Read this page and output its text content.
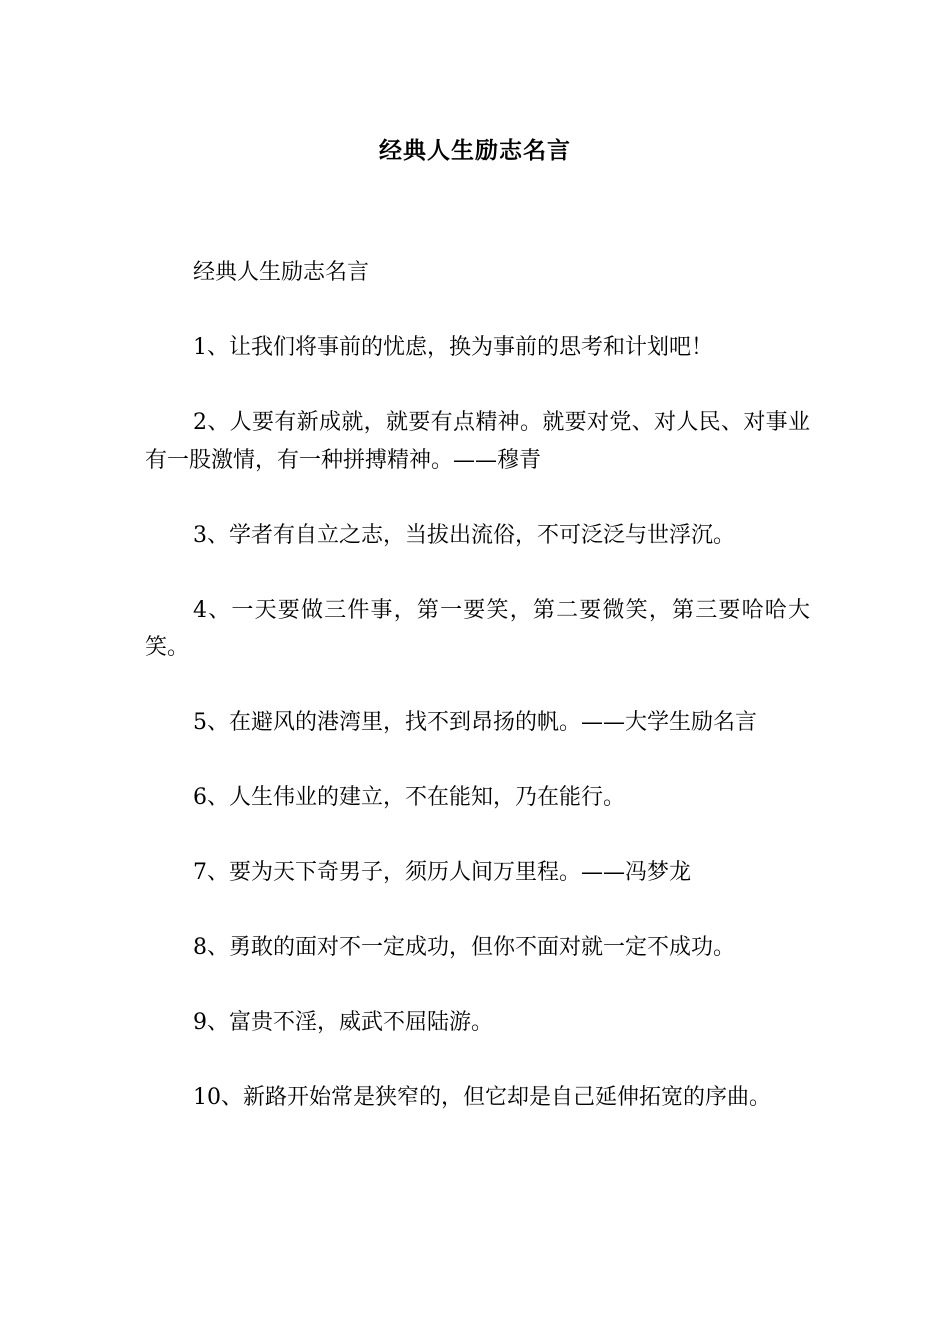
经典人生励志名言

经典人生励志名言

1、让我们将事前的忧虑，换为事前的思考和计划吧！

2、人要有新成就，就要有点精神。就要对党、对人民、对事业有一股激情，有一种拼搏精神。——穆青

3、学者有自立之志，当拔出流俗，不可泛泛与世浮沉。

4、一天要做三件事，第一要笑，第二要微笑，第三要哈哈大笑。

5、在避风的港湾里，找不到昂扬的帆。——大学生励名言

6、人生伟业的建立，不在能知，乃在能行。

7、要为天下奇男子，须历人间万里程。——冯梦龙

8、勇敢的面对不一定成功，但你不面对就一定不成功。

9、富贵不淫，威武不屈陆游。

10、新路开始常是狭窄的，但它却是自己延伸拓宽的序曲。
